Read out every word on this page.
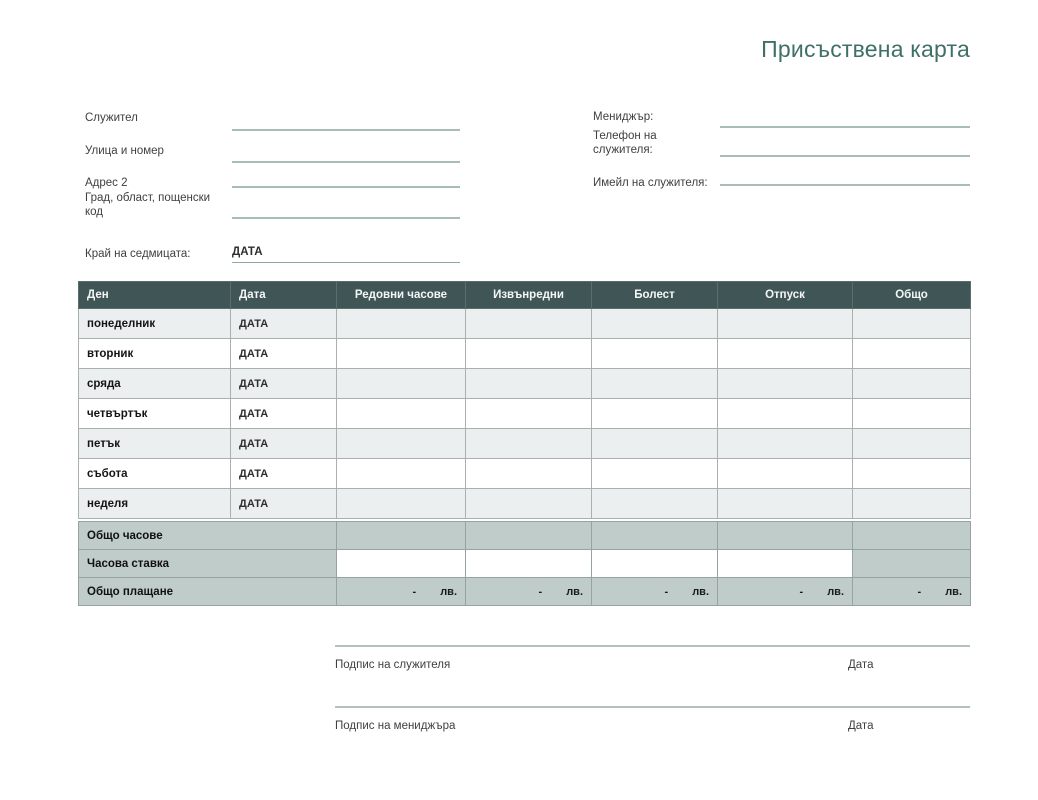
Присъствена карта
Служител
Улица и номер
Адрес 2
Град, област, пощенски код
Мениджър:
Телефон на служителя:
Имейл на служителя:
Край на седмицата:	ДАТА
Ден	Дата	Редовни часове	Извънредни	Болест	Отпуск	Общо
понеделник	ДАТА					
вторник	ДАТА					
сряда	ДАТА					
четвъртък	ДАТА					
петък	ДАТА					
събота	ДАТА					
неделя	ДАТА					

Общо часове						
Часова ставка						
Общо плащане		- лв.	- лв.	- лв.	- лв.	- лв.
Подпис на служителя	Дата
Подпис на мениджъра	Дата
